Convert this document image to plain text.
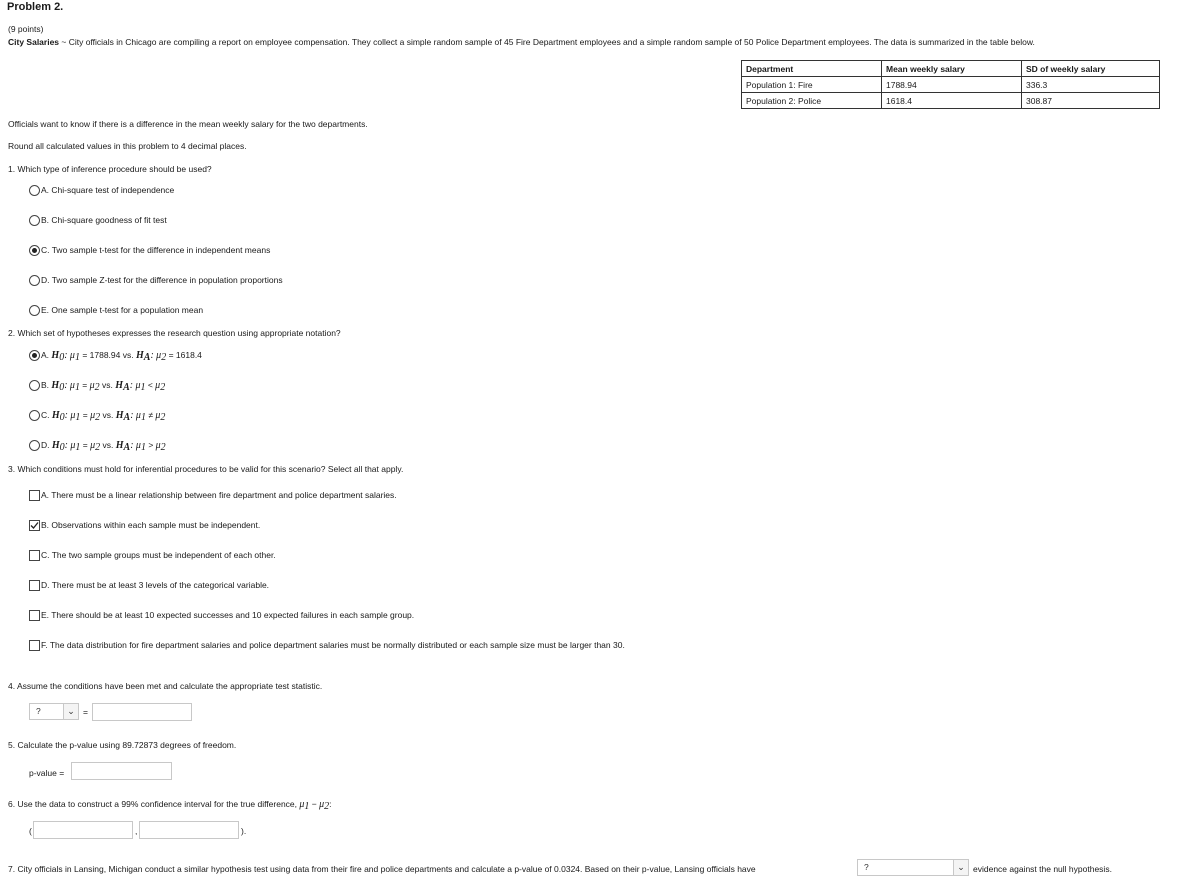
Problem 2.
(9 points)
City Salaries ~ City officials in Chicago are compiling a report on employee compensation. They collect a simple random sample of 45 Fire Department employees and a simple random sample of 50 Police Department employees. The data is summarized in the table below.
Department	Mean weekly salary	SD of weekly salary
Population 1: Fire	1788.94	336.3
Population 2: Police	1618.4	308.87
Officials want to know if there is a difference in the mean weekly salary for the two departments.
Round all calculated values in this problem to 4 decimal places.
1. Which type of inference procedure should be used?
A. Chi-square test of independence
B. Chi-square goodness of fit test
C. Two sample t-test for the difference in independent means
D. Two sample Z-test for the difference in population proportions
E. One sample t-test for a population mean
2. Which set of hypotheses expresses the research question using appropriate notation?
A. $H_0$: $\mu_1 = 1788.94$ vs. $H_A$: $\mu_2 = 1618.4$
B. $H_0$: $\mu_1 = \mu_2$ vs. $H_A$: $\mu_1 < \mu_2$
C. $H_0$: $\mu_1 = \mu_2$ vs. $H_A$: $\mu_1 \ne \mu_2$
D. $H_0$: $\mu_1 = \mu_2$ vs. $H_A$: $\mu_1 > \mu_2$
3. Which conditions must hold for inferential procedures to be valid for this scenario? Select all that apply.
A. There must be a linear relationship between fire department and police department salaries.
B. Observations within each sample must be independent.
C. The two sample groups must be independent of each other.
D. There must be at least 3 levels of the categorical variable.
E. There should be at least 10 expected successes and 10 expected failures in each sample group.
F. The data distribution for fire department salaries and police department salaries must be normally distributed or each sample size must be larger than 30.
4. Assume the conditions have been met and calculate the appropriate test statistic.
?	⌄ =
5. Calculate the p-value using 89.72873 degrees of freedom.
p-value =
6. Use the data to construct a 99% confidence interval for the true difference, $\mu_1 - \mu_2$:
(	,	).
7. City officials in Lansing, Michigan conduct a similar hypothesis test using data from their fire and police departments and calculate a p-value of 0.0324. Based on their p-value, Lansing officials have	?	⌄ evidence against the null hypothesis.
